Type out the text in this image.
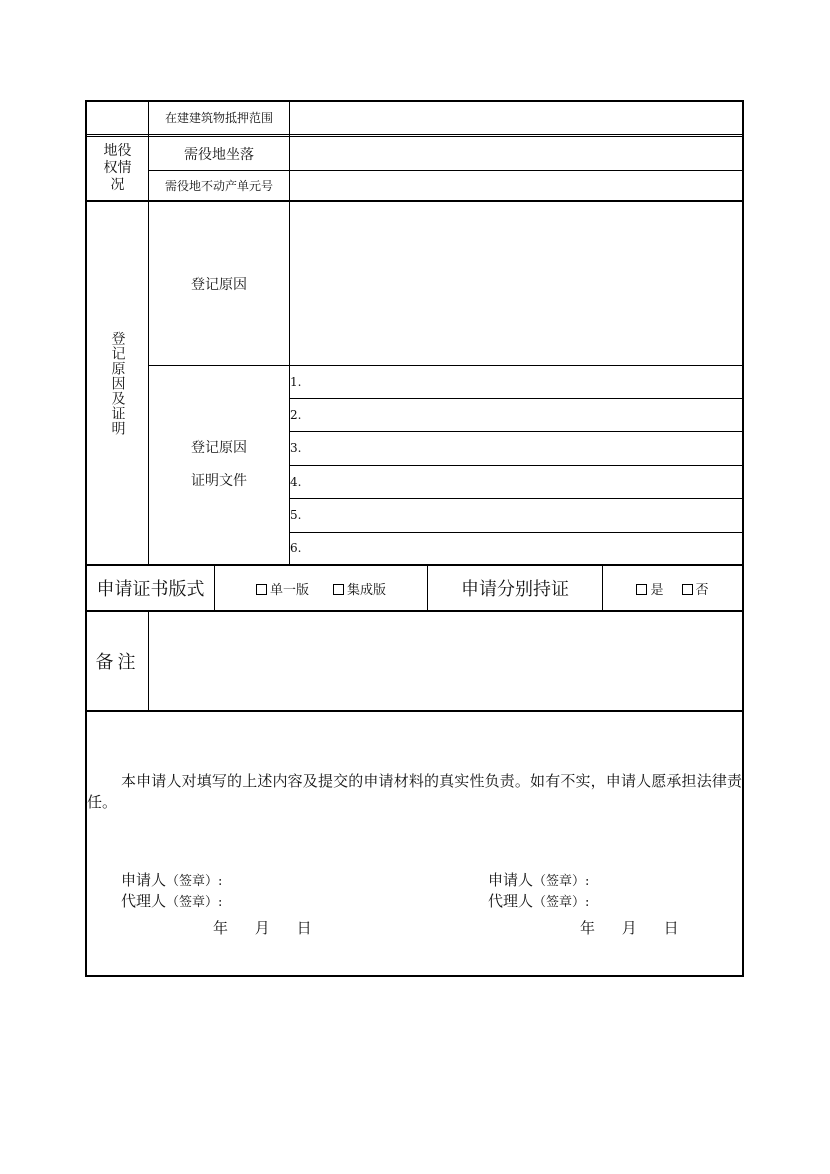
在建建筑物抵押范围
地役权情况
需役地坐落
需役地不动产单元号
登记原因及证明
登记原因
登记原因
证明文件
1.
2.
3.
4.
5.
6.
申请证书版式	单一版	集成版	申请分别持证	是	否
备注
本申请人对填写的上述内容及提交的申请材料的真实性负责。如有不实，申请人愿承担法律责任。
申请人（签章）:
代理人（签章）:
年 月 日
申请人（签章）:
代理人（签章）:
年 月 日
